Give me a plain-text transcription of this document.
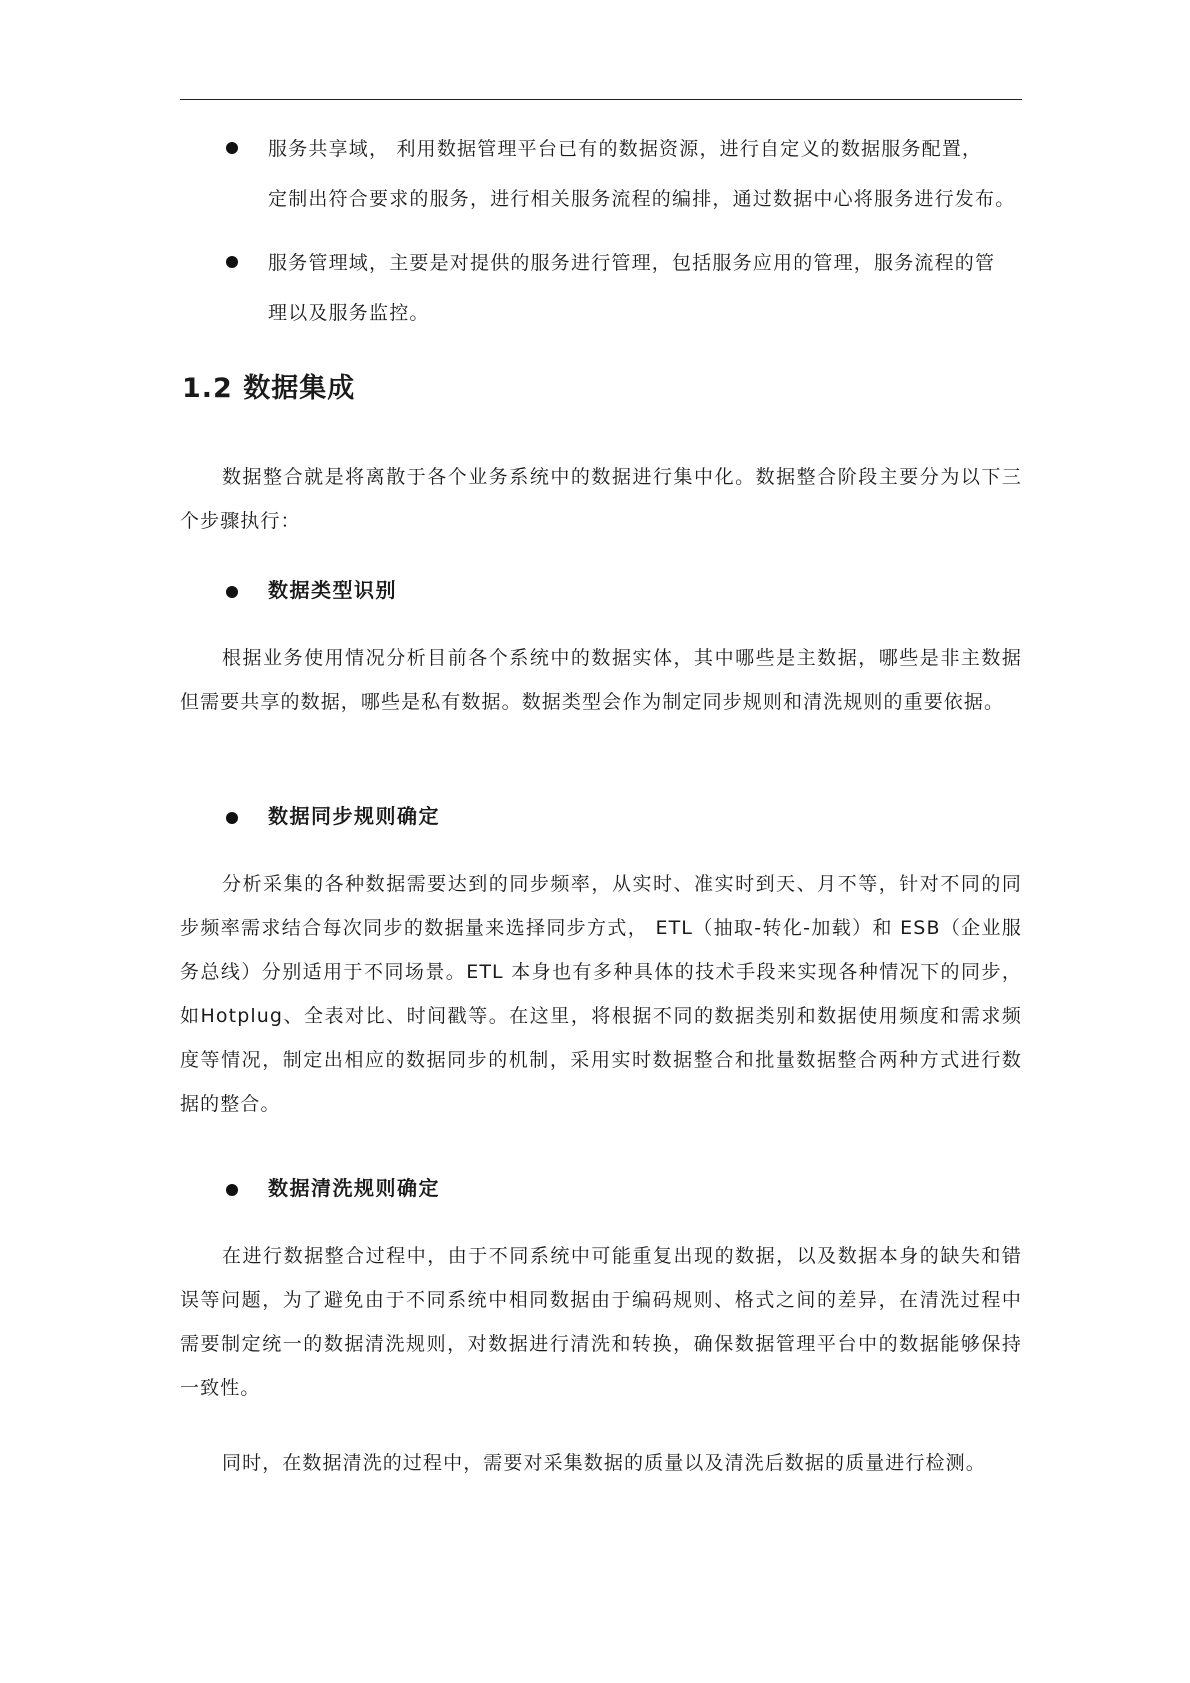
服务共享域， 利用数据管理平台已有的数据资源，进行自定义的数据服务配置，
定制出符合要求的服务，进行相关服务流程的编排，通过数据中心将服务进行发布。
服务管理域，主要是对提供的服务进行管理，包括服务应用的管理，服务流程的管
理以及服务监控。
1.2 数据集成
数据整合就是将离散于各个业务系统中的数据进行集中化。数据整合阶段主要分为以下三个步骤执行：
数据类型识别
根据业务使用情况分析目前各个系统中的数据实体，其中哪些是主数据，哪些是非主数据但需要共享的数据，哪些是私有数据。数据类型会作为制定同步规则和清洗规则的重要依据。
数据同步规则确定
分析采集的各种数据需要达到的同步频率，从实时、准实时到天、月不等，针对不同的同步频率需求结合每次同步的数据量来选择同步方式， ETL（抽取-转化-加载）和 ESB（企业服务总线）分别适用于不同场景。ETL 本身也有多种具体的技术手段来实现各种情况下的同步，如Hotplug、全表对比、时间戳等。在这里，将根据不同的数据类别和数据使用频度和需求频度等情况，制定出相应的数据同步的机制，采用实时数据整合和批量数据整合两种方式进行数据的整合。
数据清洗规则确定
在进行数据整合过程中，由于不同系统中可能重复出现的数据，以及数据本身的缺失和错误等问题，为了避免由于不同系统中相同数据由于编码规则、格式之间的差异，在清洗过程中需要制定统一的数据清洗规则，对数据进行清洗和转换，确保数据管理平台中的数据能够保持一致性。
同时，在数据清洗的过程中，需要对采集数据的质量以及清洗后数据的质量进行检测。
